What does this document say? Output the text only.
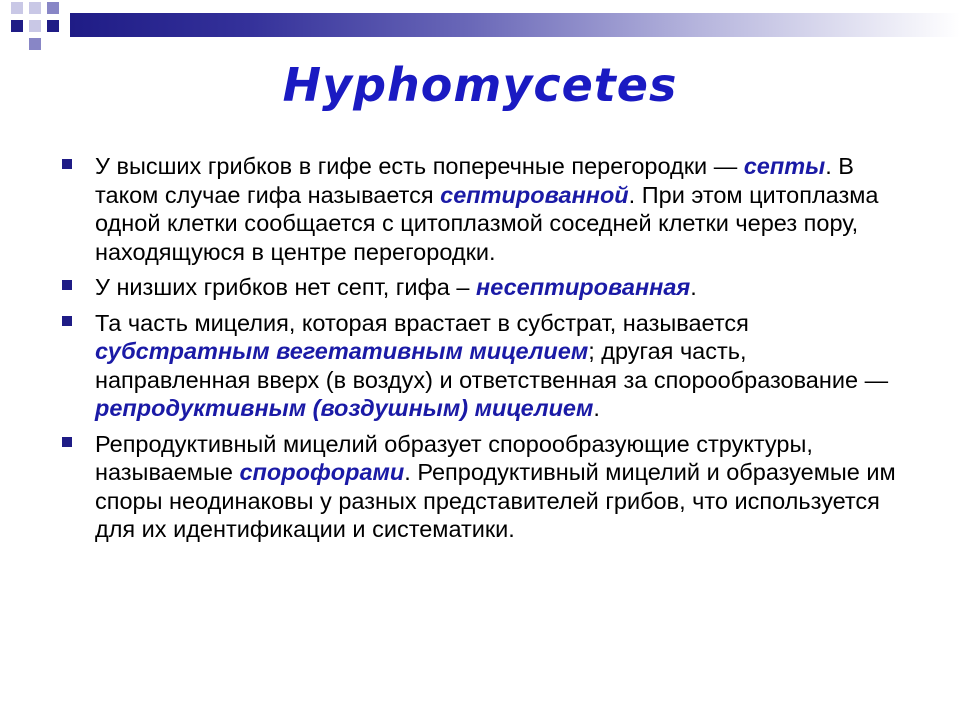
Hyphomycetes
У высших грибков в гифе есть поперечные перегородки — септы. В таком случае гифа называется септированной. При этом цитоплазма одной клетки сообщается с цитоплазмой соседней клетки через пору, находящуюся в центре перегородки.
У низших грибков нет септ, гифа – несептированная.
Та часть мицелия, которая врастает в субстрат, называется субстратным вегетативным мицелием; другая часть, направленная вверх (в воздух) и ответственная за спорообразование — репродуктивным (воздушным) мицелием.
Репродуктивный мицелий образует спорообразующие структуры, называемые спорофорами. Репродуктивный мицелий и образуемые им споры неодинаковы у разных представителей грибов, что используется для их идентификации и систематики.
